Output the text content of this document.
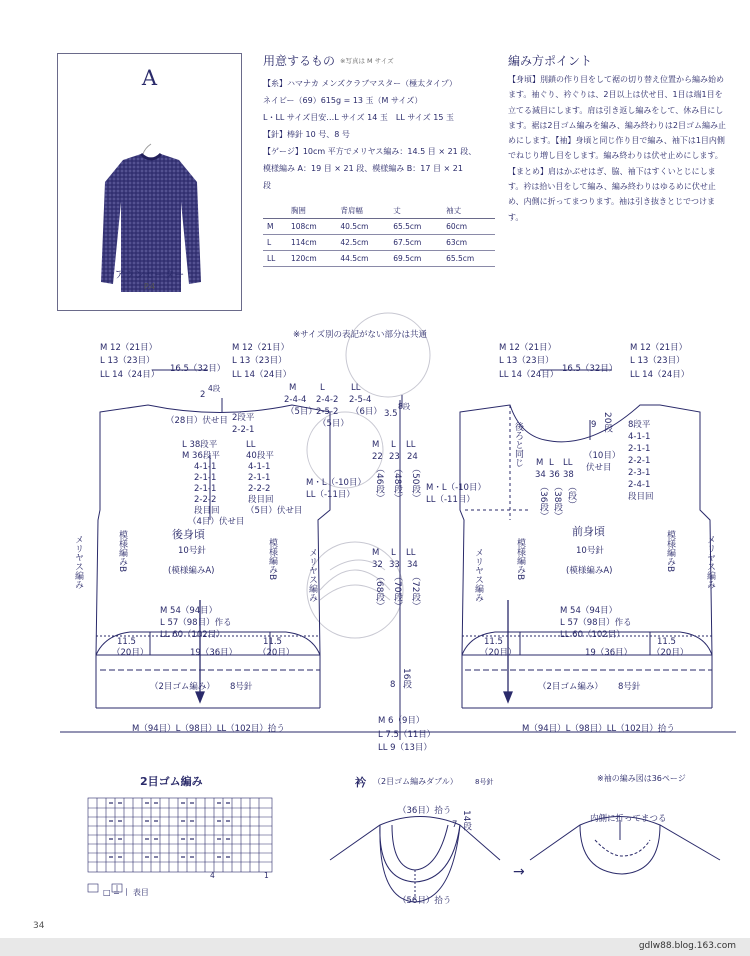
A
アランセーター
P.4
用意するもの ※写真は M サイズ
【糸】ハマナカ メンズクラブマスター（極太タイプ）
ネイビー（69）615g = 13 玉（M サイズ）
L・LL サイズ目安…L サイズ 14 玉　LL サイズ 15 玉
【針】棒針 10 号、8 号
【ゲージ】10cm 平方でメリヤス編み：14.5 目 × 21 段、
模様編み A：19 目 × 21 段、模様編み B：17 目 × 21
段
	胸囲	背肩幅	丈	袖丈
M	108cm	40.5cm	65.5cm	60cm
L	114cm	42.5cm	67.5cm	63cm
LL	120cm	44.5cm	69.5cm	65.5cm
編み方ポイント
【身頃】別鎖の作り目をして裾の切り替え位置から編み始めます。袖ぐり、衿ぐりは、2目以上は伏せ目、1目は端1目を立てる減目にします。肩は引き返し編みをして、休み目にします。裾は2目ゴム編みを編み、編み終わりは2目ゴム編み止めにします。【袖】身頃と同じ作り目で編み、袖下は1目内側でねじり増し目をします。編み終わりは伏せ止めにします。【まとめ】肩はかぶせはぎ、脇、袖下はすくいとじにします。衿は拾い目をして編み、編み終わりはゆるめに伏せ止め、内側に折ってまつります。袖は引き抜きとじでつけます。
※サイズ別の表記がない部分は共通
M 12（21目）
L 13（23目）
LL 14（24目）
M 12（21目）
L 13（23目）
LL 14（24目）
16.5（32目）
2
4段
（28目）伏せ目 2段平
2-2-1
M
2-4-4
（5目）
L
2-4-2
2-5-2
（5目）
LL
2-5-4
（6目） 3.5
8段
L 38段平
M 36段平
4-1-1
2-1-1
2-1-1
2-2-2
段目回
（4目）伏せ目
LL
40段平
4-1-1
2-1-1
2-2-2
段目回
（5目）伏せ目
後身頃
10号針
(模様編みA)
メリヤス編み	模様編みB	模様編みB	メリヤス編み
M 54（94目）
L 57（98目）作る
LL 60（102目）
11.5
（20目）	19（36目）
11.5
（20目）
（2目ゴム編み） 8号針
M（94目）L（98目）LL（102目）拾う
M・L（-10目）
LL（-11目）
M・L（-10目）
LL（-11目）
M
22
（46段）
L
23
（48段）
LL
24
（50段）
M
32
（68段）
L
33
（70段）
LL
34
（72段）
8 16段
M 6（9目）
L 7.5（11目）
LL 9（13目）
M 12（21目）
L 13（23目）
LL 14（24目）
M 12（21目）
L 13（23目）
LL 14（24目）
16.5（32目）
9 20段
（10目）
伏せ目
8段平
4-1-1
2-1-1
2-2-1
2-3-1
2-4-1
段目回
後ろと同じ M
34
（36段）
L
36
（38段）
LL
38
（段）
前身頃
10号針
(模様編みA)
メリヤス編み	模様編みB	模様編みB	メリヤス編み
M 54（94目）
L 57（98目）作る
LL 60（102目）
11.5
（20目）	19（36目）
11.5
（20目）
（2目ゴム編み） 8号針
M（94目）L（98目）LL（102目）拾う
2目ゴム編み
4	1
□ = 丨 表目
衿 （2目ゴム編みダブル） 8号針
（36目）拾う
7 14段
（56目）拾う
→
内側に折ってまつる
※袖の編み図は36ページ
34
gdlw88.blog.163.com
